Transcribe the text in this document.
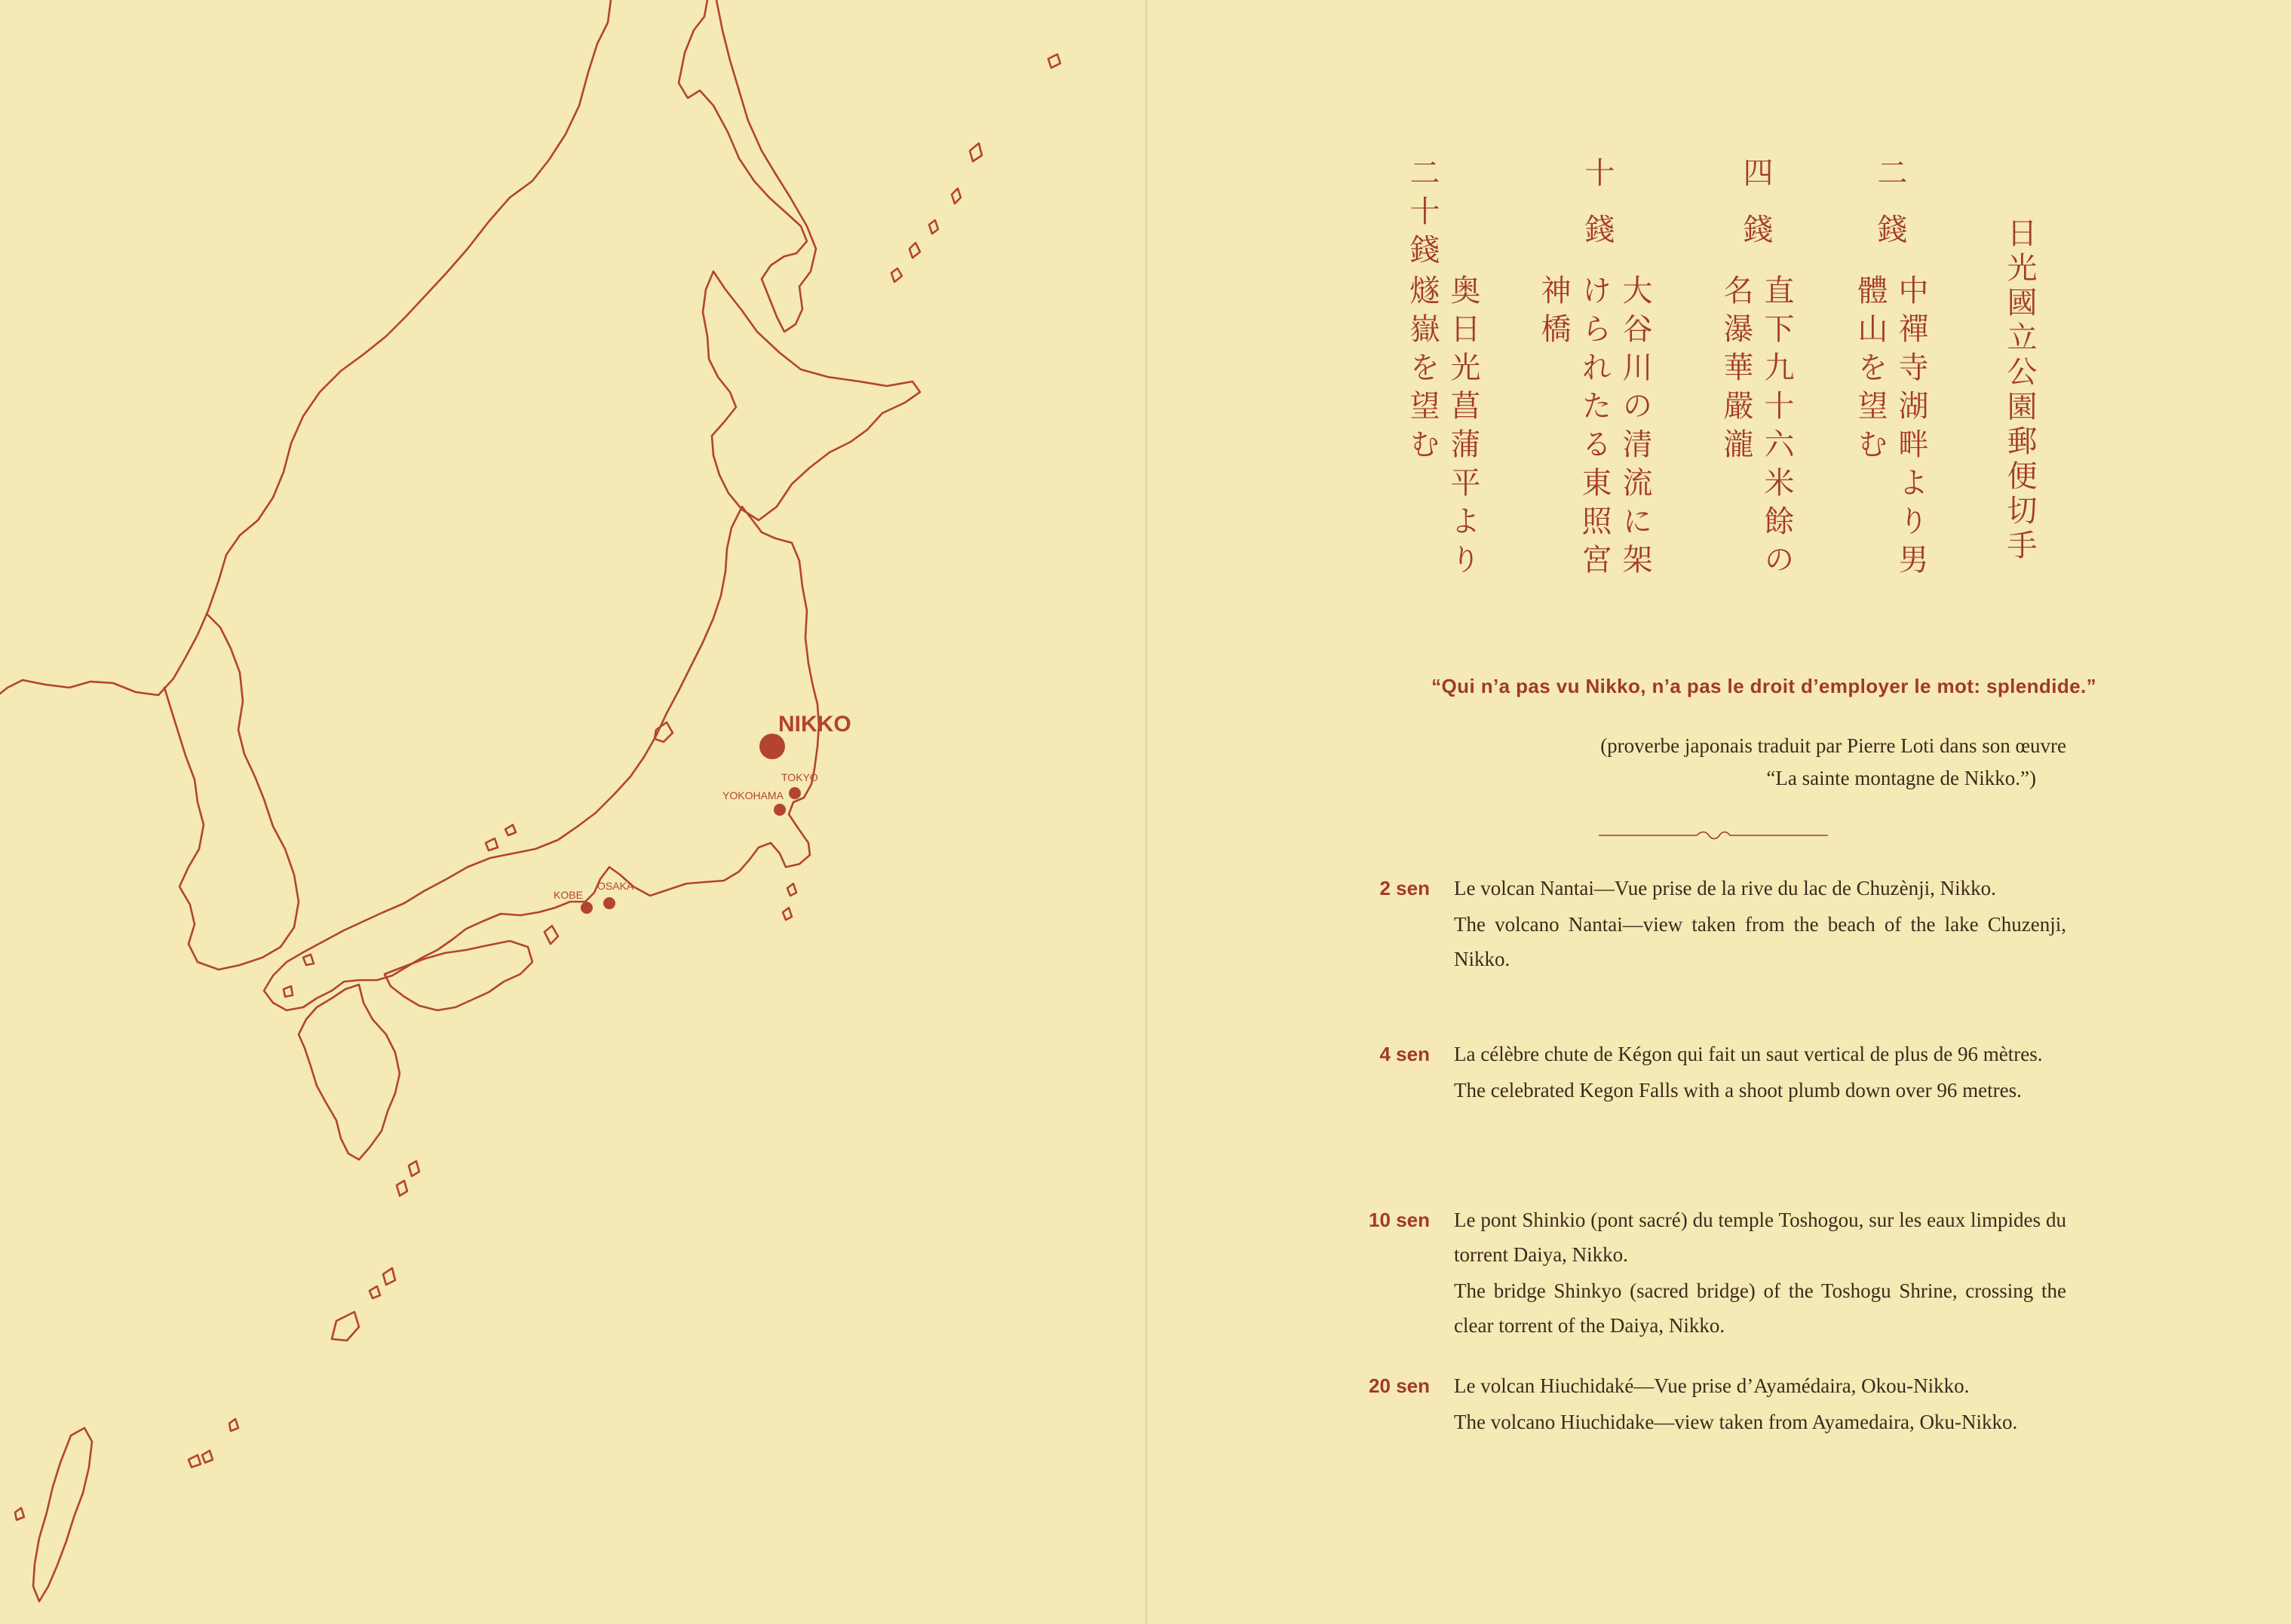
NIKKO
TOKYO
YOKOHAMA
KOBE
OSAKA
日光國立公園郵便切手
二 錢
中禪寺湖畔より男
體山を望む
四 錢
直下九十六米餘の
名瀑華嚴瀧
十 錢
大谷川の清流に架
けられたる東照宮
神橋
二十錢
奥日光菖蒲平より
燧嶽を望む
“Qui n’a pas vu Nikko, n’a pas le droit d’employer le mot: splendide.”
(proverbe japonais traduit par Pierre Loti dans son œuvre
“La sainte montagne de Nikko.”)
2 sen Le volcan Nantai—Vue prise de la rive du lac de Chuzènji, Nikko.

The volcano Nantai—view taken from the beach of the lake Chuzenji, Nikko.

4 sen La célèbre chute de Kégon qui fait un saut vertical de plus de 96 mètres.

The celebrated Kegon Falls with a shoot plumb down over 96 metres.

10 sen Le pont Shinkio (pont sacré) du temple Toshogou, sur les eaux limpides du torrent Daiya, Nikko.

The bridge Shinkyo (sacred bridge) of the Toshogu Shrine, crossing the clear torrent of the Daiya, Nikko.

20 sen Le volcan Hiuchidaké—Vue prise d’Ayamédaira, Okou-Nikko.

The volcano Hiuchidake—view taken from Ayamedaira, Oku-Nikko.
